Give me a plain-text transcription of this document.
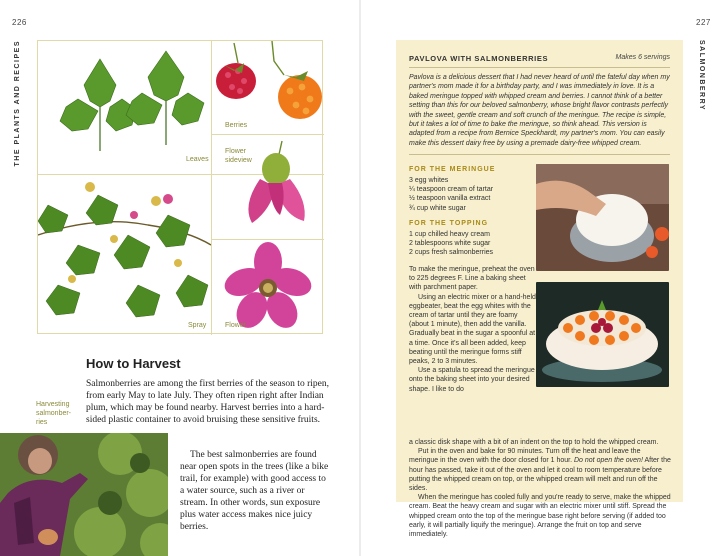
226
THE PLANTS AND RECIPES	Leaves
Berries
Flower
sideview
Spray	Flower
How to Harvest
Salmonberries are among the first berries of the season to ripen, from early May to late July. They often ripen right after Indian plum, which may be found nearby. Harvest berries into a hard-sided plastic container to avoid bruising these sensitive fruits.
The best salmonberries are found near open spots in the trees (like a bike trail, for example) with good access to a water source, such as a river or stream. In other words, sun exposure plus water access makes nice juicy berries.
Harvesting
salmonber-
ries
227
SALMONBERRY
PAVLOVA WITH SALMONBERRIES	Makes 6 servings
Pavlova is a delicious dessert that I had never heard of until the fateful day when my partner's mom made it for a birthday party, and I was immediately in love. It is a baked meringue topped with whipped cream and berries. I cannot think of a better setting than this for our beloved salmonberry, whose bright flavor contrasts perfectly with the sweet, gentle cream and soft crunch of the meringue. The recipe is simple, but it takes a lot of time to bake the meringue, so think ahead. This version is adapted from a recipe from Bernice Speckhardt, my partner's mom. You can easily make this dessert dairy free by using a premade dairy-free whipped cream.
FOR THE MERINGUE
3 egg whites
¼ teaspoon cream of tartar
½ teaspoon vanilla extract
¾ cup white sugar
FOR THE TOPPING
1 cup chilled heavy cream
2 tablespoons white sugar
2 cups fresh salmonberries

To make the meringue, preheat the oven to 225 degrees F. Line a baking sheet with parchment paper.

Using an electric mixer or a hand-held eggbeater, beat the egg whites with the cream of tartar until they are foamy (about 1 minute), then add the vanilla. Gradually beat in the sugar a spoonful at a time. Once it's all been added, keep beating until the meringue forms stiff peaks, 2 to 3 minutes.

Use a spatula to spread the meringue onto the baking sheet into your desired shape. I like to do

a classic disk shape with a bit of an indent on the top to hold the whipped cream.

Put in the oven and bake for 90 minutes. Turn off the heat and leave the meringue in the oven with the door closed for 1 hour. Do not open the oven! After the hour has passed, take it out of the oven and let it cool to room temperature before putting the whipped cream on top, or the whipped cream will melt and run off the sides.

When the meringue has cooled fully and you're ready to serve, make the whipped cream. Beat the heavy cream and sugar with an electric mixer until stiff. Spread the whipped cream onto the top of the meringue base right before serving (if added too early, it will partially liquify the meringue). Arrange the fruit on top and serve immediately.
